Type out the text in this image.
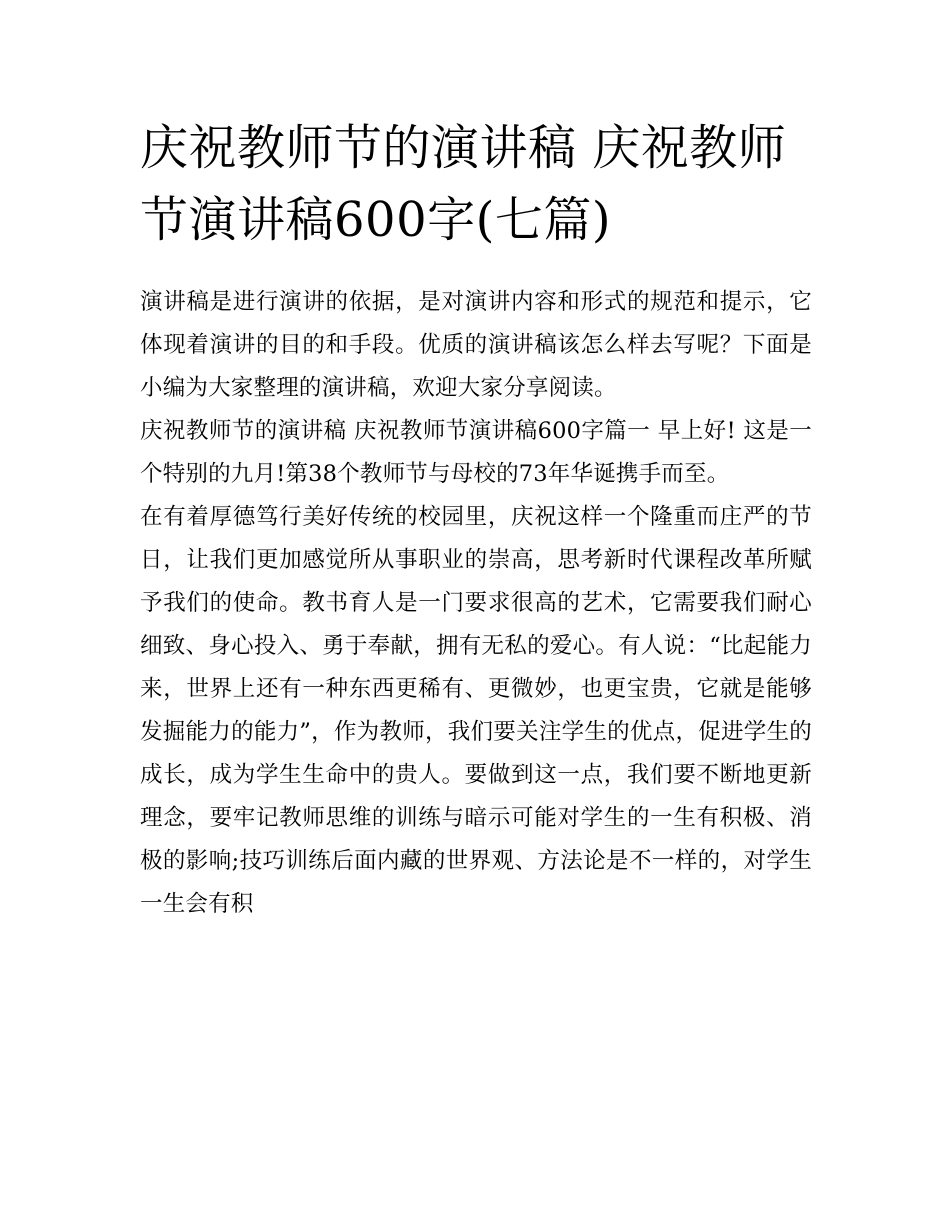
庆祝教师节的演讲稿 庆祝教师节演讲稿600字(七篇)

演讲稿是进行演讲的依据，是对演讲内容和形式的规范和提示，它体现着演讲的目的和手段。优质的演讲稿该怎么样去写呢？下面是小编为大家整理的演讲稿，欢迎大家分享阅读。

庆祝教师节的演讲稿 庆祝教师节演讲稿600字篇一 早上好! 这是一个特别的九月!第38个教师节与母校的73年华诞携手而至。

在有着厚德笃行美好传统的校园里，庆祝这样一个隆重而庄严的节日，让我们更加感觉所从事职业的崇高，思考新时代课程改革所赋予我们的使命。教书育人是一门要求很高的艺术，它需要我们耐心细致、身心投入、勇于奉献，拥有无私的爱心。有人说：“比起能力来，世界上还有一种东西更稀有、更微妙，也更宝贵，它就是能够发掘能力的能力”，作为教师，我们要关注学生的优点，促进学生的成长，成为学生生命中的贵人。要做到这一点，我们要不断地更新理念，要牢记教师思维的训练与暗示可能对学生的一生有积极、消极的影响;技巧训练后面内藏的世界观、方法论是不一样的，对学生一生会有积
